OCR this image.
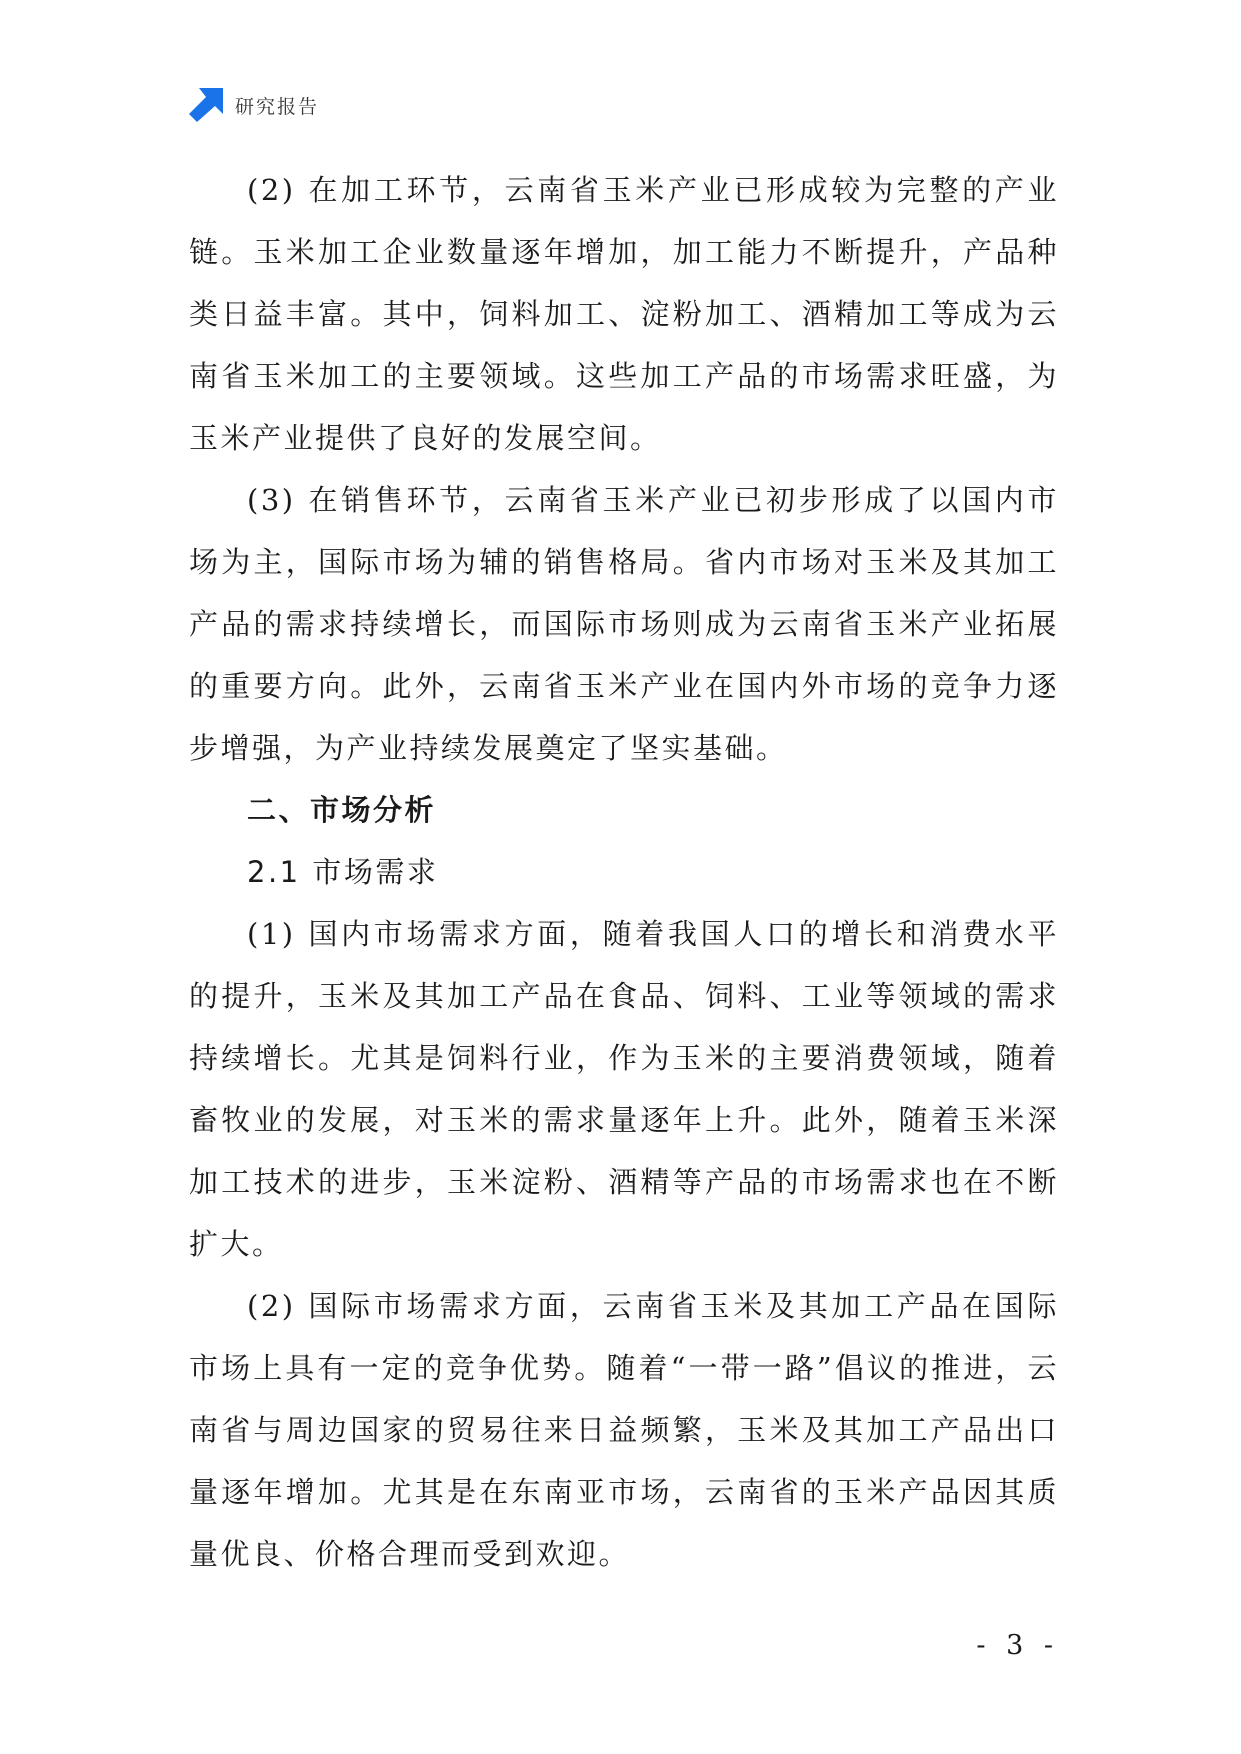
研究报告

(2) 在加工环节，云南省玉米产业已形成较为完整的产业链。玉米加工企业数量逐年增加，加工能力不断提升，产品种类日益丰富。其中，饲料加工、淀粉加工、酒精加工等成为云南省玉米加工的主要领域。这些加工产品的市场需求旺盛，为玉米产业提供了良好的发展空间。

(3) 在销售环节，云南省玉米产业已初步形成了以国内市场为主，国际市场为辅的销售格局。省内市场对玉米及其加工产品的需求持续增长，而国际市场则成为云南省玉米产业拓展的重要方向。此外，云南省玉米产业在国内外市场的竞争力逐步增强，为产业持续发展奠定了坚实基础。

二、市场分析

2.1 市场需求

(1) 国内市场需求方面，随着我国人口的增长和消费水平的提升，玉米及其加工产品在食品、饲料、工业等领域的需求持续增长。尤其是饲料行业，作为玉米的主要消费领域，随着畜牧业的发展，对玉米的需求量逐年上升。此外，随着玉米深加工技术的进步，玉米淀粉、酒精等产品的市场需求也在不断扩大。

(2) 国际市场需求方面，云南省玉米及其加工产品在国际市场上具有一定的竞争优势。随着“一带一路”倡议的推进，云南省与周边国家的贸易往来日益频繁，玉米及其加工产品出口量逐年增加。尤其是在东南亚市场，云南省的玉米产品因其质量优良、价格合理而受到欢迎。

- 3 -
